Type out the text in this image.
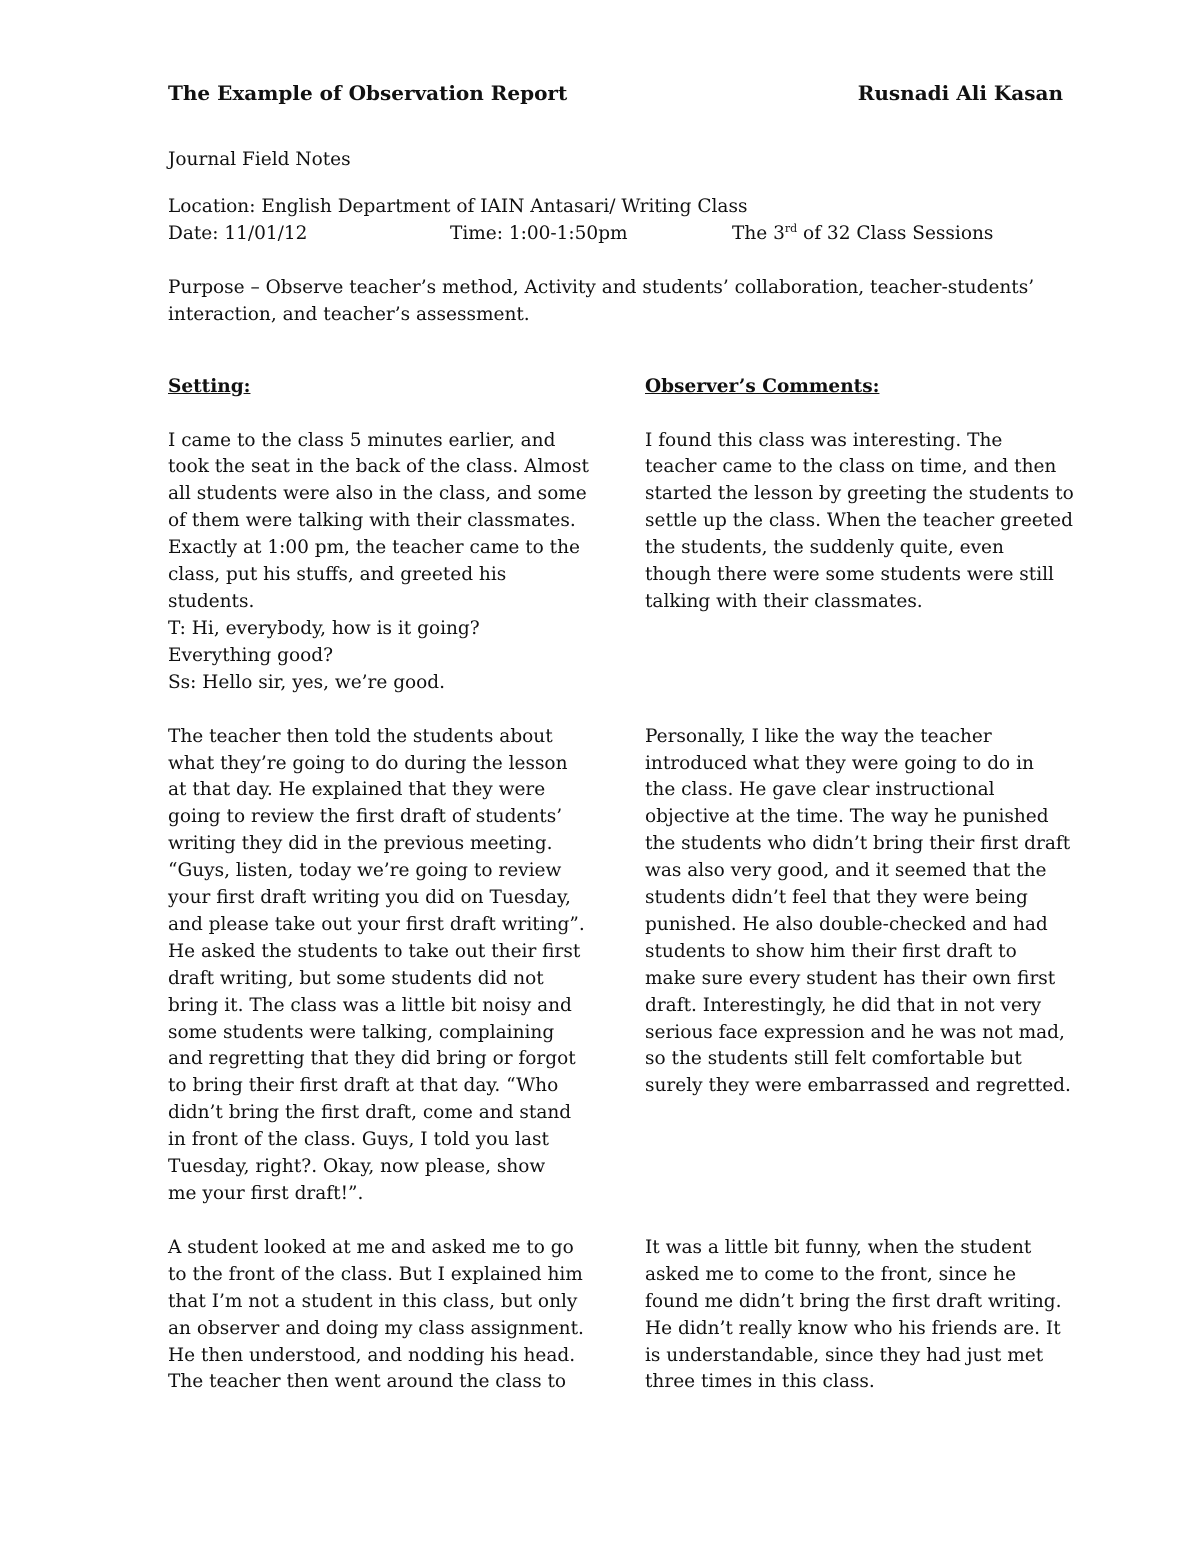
The Example of Observation Report	Rusnadi Ali Kasan

Journal Field Notes

Location: English Department of IAIN Antasari/ Writing Class

Date: 11/01/12	Time: 1:00-1:50pm	The 3rd of 32 Class Sessions

Purpose – Observe teacher’s method, Activity and students’ collaboration, teacher-students’
interaction, and teacher’s assessment.

Setting:	Observer’s Comments:

I came to the class 5 minutes earlier, and
took the seat in the back of the class. Almost
all students were also in the class, and some
of them were talking with their classmates.
Exactly at 1:00 pm, the teacher came to the
class, put his stuffs, and greeted his
students.
T: Hi, everybody, how is it going?
Everything good?
Ss: Hello sir, yes, we’re good.
I found this class was interesting. The
teacher came to the class on time, and then
started the lesson by greeting the students to
settle up the class. When the teacher greeted
the students, the suddenly quite, even
though there were some students were still
talking with their classmates.
The teacher then told the students about
what they’re going to do during the lesson
at that day. He explained that they were
going to review the first draft of students’
writing they did in the previous meeting.
“Guys, listen, today we’re going to review
your first draft writing you did on Tuesday,
and please take out your first draft writing”.
He asked the students to take out their first
draft writing, but some students did not
bring it. The class was a little bit noisy and
some students were talking, complaining
and regretting that they did bring or forgot
to bring their first draft at that day. “Who
didn’t bring the first draft, come and stand
in front of the class. Guys, I told you last
Tuesday, right?. Okay, now please, show
me your first draft!”.
Personally, I like the way the teacher
introduced what they were going to do in
the class. He gave clear instructional
objective at the time. The way he punished
the students who didn’t bring their first draft
was also very good, and it seemed that the
students didn’t feel that they were being
punished. He also double-checked and had
students to show him their first draft to
make sure every student has their own first
draft. Interestingly, he did that in not very
serious face expression and he was not mad,
so the students still felt comfortable but
surely they were embarrassed and regretted.
A student looked at me and asked me to go
to the front of the class. But I explained him
that I’m not a student in this class, but only
an observer and doing my class assignment.
He then understood, and nodding his head.
The teacher then went around the class to
It was a little bit funny, when the student
asked me to come to the front, since he
found me didn’t bring the first draft writing.
He didn’t really know who his friends are. It
is understandable, since they had just met
three times in this class.
